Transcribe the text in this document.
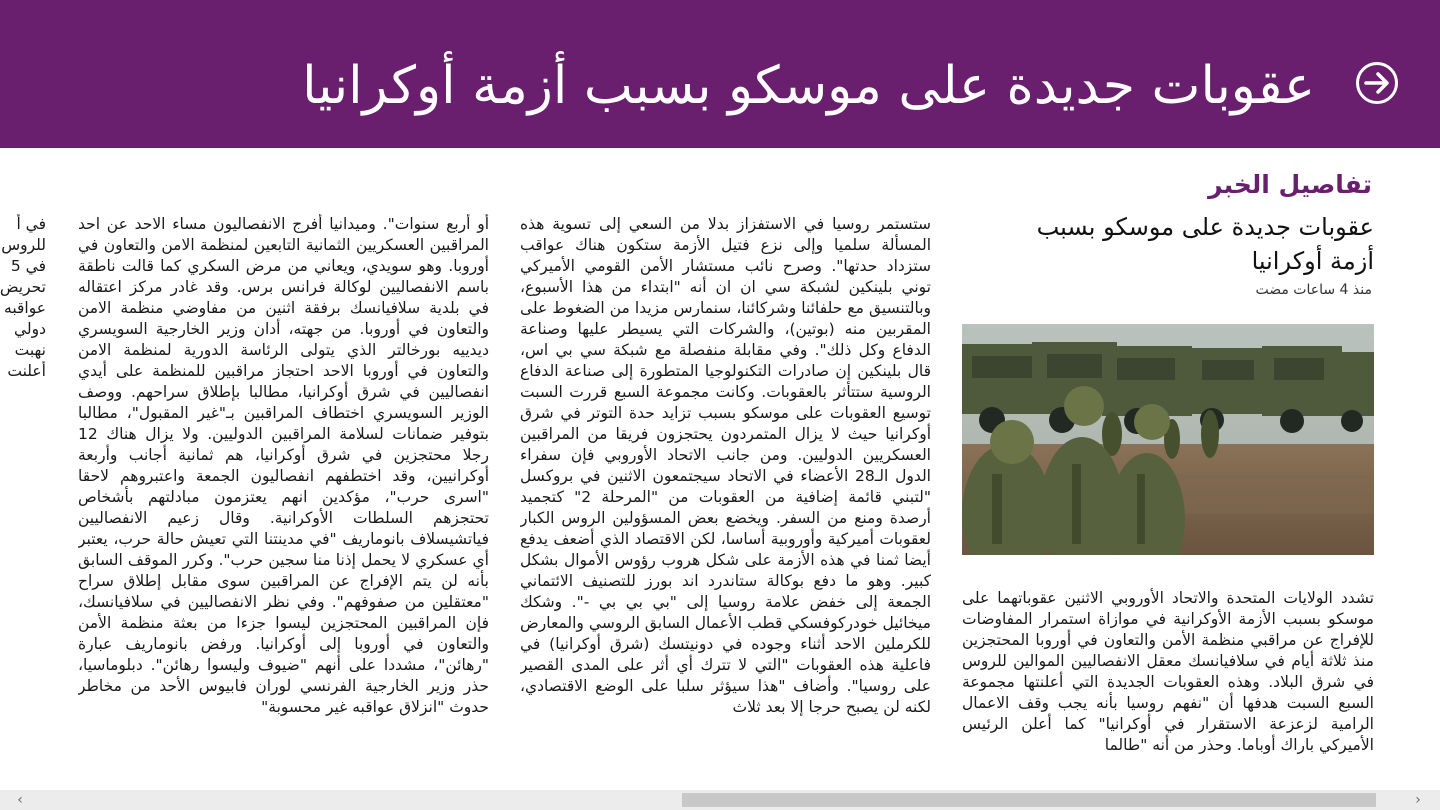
عقوبات جديدة على موسكو بسبب أزمة أوكرانيا
تفاصيل الخبر
عقوبات جديدة على موسكو بسبب أزمة أوكرانيا
منذ 4 ساعات مضت
تشدد الولايات المتحدة والاتحاد الأوروبي الاثنين عقوباتهما على موسكو بسبب الأزمة الأوكرانية في موازاة استمرار المفاوضات للإفراج عن مراقبي منظمة الأمن والتعاون في أوروبا المحتجزين منذ ثلاثة أيام في سلافيانسك معقل الانفصاليين الموالين للروس في شرق البلاد. وهذه العقوبات الجديدة التي أعلنتها مجموعة السبع السبت هدفها أن "نفهم روسيا بأنه يجب وقف الاعمال الرامية لزعزعة الاستقرار في أوكرانيا" كما أعلن الرئيس الأميركي باراك أوباما. وحذر من أنه "طالما
ستستمر روسيا في الاستفزاز بدلا من السعي إلى تسوية هذه المسألة سلميا وإلى نزع فتيل الأزمة ستكون هناك عواقب ستزداد حدتها". وصرح نائب مستشار الأمن القومي الأميركي توني بلينكين لشبكة سي ان ان أنه "ابتداء من هذا الأسبوع، وبالتنسيق مع حلفائنا وشركائنا، سنمارس مزيدا من الضغوط على المقربين منه (بوتين)، والشركات التي يسيطر عليها وصناعة الدفاع وكل ذلك". وفي مقابلة منفصلة مع شبكة سي بي اس، قال بلينكين إن صادرات التكنولوجيا المتطورة إلى صناعة الدفاع الروسية ستتأثر بالعقوبات. وكانت مجموعة السبع قررت السبت توسيع العقوبات على موسكو بسبب تزايد حدة التوتر في شرق أوكرانيا حيث لا يزال المتمردون يحتجزون فريقا من المراقبين العسكريين الدوليين. ومن جانب الاتحاد الأوروبي فإن سفراء الدول الـ28 الأعضاء في الاتحاد سيجتمعون الاثنين في بروكسل "لتبني قائمة إضافية من العقوبات من "المرحلة 2" كتجميد أرصدة ومنع من السفر. ويخضع بعض المسؤولين الروس الكبار لعقوبات أميركية وأوروبية أساسا، لكن الاقتصاد الذي أضعف يدفع أيضا ثمنا في هذه الأزمة على شكل هروب رؤوس الأموال بشكل كبير. وهو ما دفع بوكالة ستاندرد اند بورز للتصنيف الائتماني الجمعة إلى خفض علامة روسيا إلى "بي بي بي -". وشكك ميخائيل خودركوفسكي قطب الأعمال السابق الروسي والمعارض للكرملين الاحد أثناء وجوده في دونيتسك (شرق أوكرانيا) في فاعلية هذه العقوبات "التي لا تترك أي أثر على المدى القصير على روسيا". وأضاف "هذا سيؤثر سلبا على الوضع الاقتصادي، لكنه لن يصبح حرجا إلا بعد ثلاث
أو أربع سنوات". وميدانيا أفرج الانفصاليون مساء الاحد عن احد المراقبين العسكريين الثمانية التابعين لمنظمة الامن والتعاون في أوروبا. وهو سويدي، ويعاني من مرض السكري كما قالت ناطقة باسم الانفصاليين لوكالة فرانس برس. وقد غادر مركز اعتقاله في بلدية سلافيانسك برفقة اثنين من مفاوضي منظمة الامن والتعاون في أوروبا. من جهته، أدان وزير الخارجية السويسري ديدييه بورخالتر الذي يتولى الرئاسة الدورية لمنظمة الامن والتعاون في أوروبا الاحد احتجاز مراقبين للمنظمة على أيدي انفصاليين في شرق أوكرانيا، مطالبا بإطلاق سراحهم. ووصف الوزير السويسري اختطاف المراقبين بـ"غير المقبول"، مطالبا بتوفير ضمانات لسلامة المراقبين الدوليين. ولا يزال هناك 12 رجلا محتجزين في شرق أوكرانيا، هم ثمانية أجانب وأربعة أوكرانيين، وقد اختطفهم انفصاليون الجمعة واعتبروهم لاحقا "اسرى حرب"، مؤكدين انهم يعتزمون مبادلتهم بأشخاص تحتجزهم السلطات الأوكرانية. وقال زعيم الانفصاليين فياتشيسلاف بانوماريف "في مدينتنا التي تعيش حالة حرب، يعتبر أي عسكري لا يحمل إذنا منا سجين حرب". وكرر الموقف السابق بأنه لن يتم الإفراج عن المراقبين سوى مقابل إطلاق سراح "معتقلين من صفوفهم". وفي نظر الانفصاليين في سلافيانسك، فإن المراقبين المحتجزين ليسوا جزءا من بعثة منظمة الأمن والتعاون في أوروبا إلى أوكرانيا. ورفض بانوماريف عبارة "رهائن"، مشددا على أنهم "ضيوف وليسوا رهائن". دبلوماسيا، حذر وزير الخارجية الفرنسي لوران فابيوس الأحد من مخاطر حدوث "انزلاق عواقبه غير محسوبة"
في أ
للروس
في 5
تحريض
عواقبه
دولي
نهبت
أعلنت
‹	›
